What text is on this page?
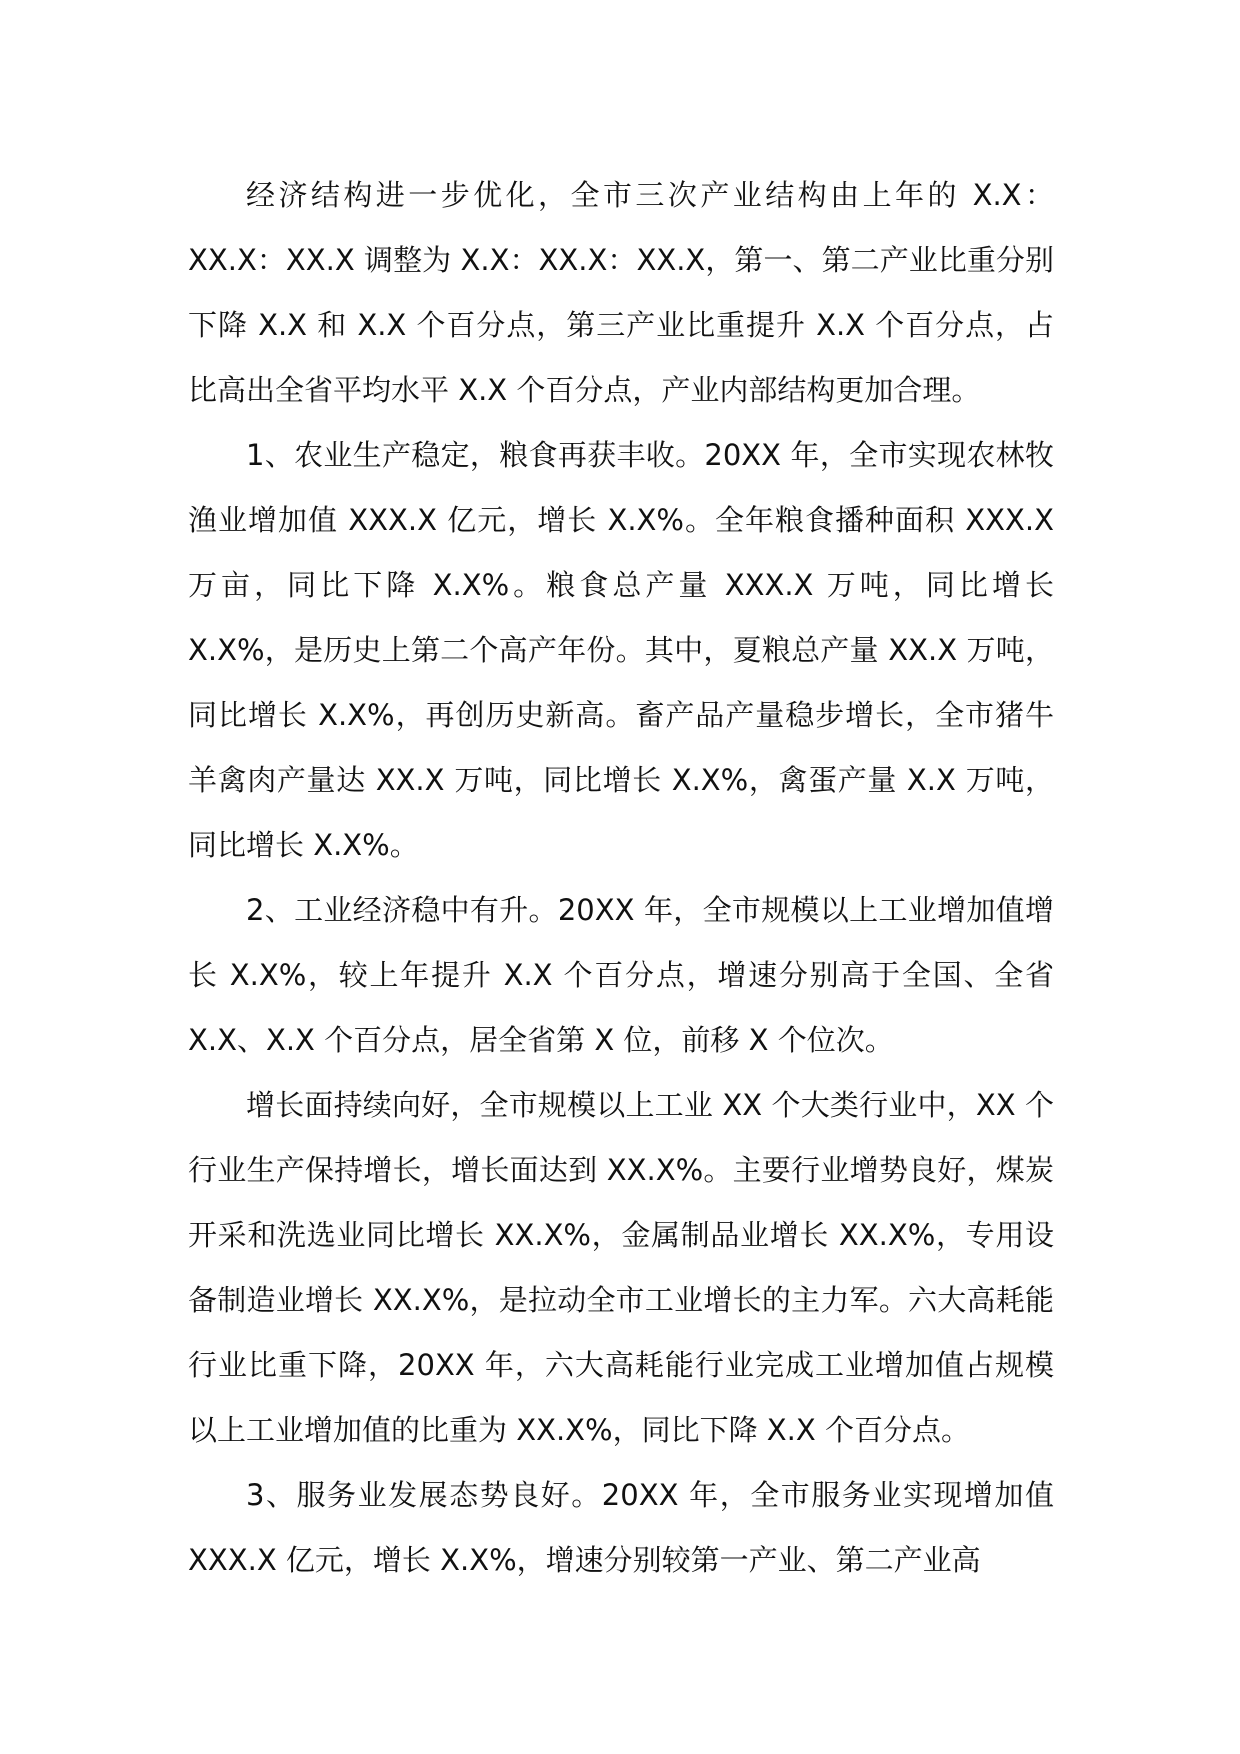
经济结构进一步优化，全市三次产业结构由上年的 X.X：XX.X：XX.X 调整为 X.X：XX.X：XX.X，第一、第二产业比重分别下降 X.X 和 X.X 个百分点，第三产业比重提升 X.X 个百分点，占比高出全省平均水平 X.X 个百分点，产业内部结构更加合理。

1、农业生产稳定，粮食再获丰收。20XX 年，全市实现农林牧渔业增加值 XXX.X 亿元，增长 X.X%。全年粮食播种面积 XXX.X 万亩，同比下降 X.X%。粮食总产量 XXX.X 万吨，同比增长 X.X%，是历史上第二个高产年份。其中，夏粮总产量 XX.X 万吨，同比增长 X.X%，再创历史新高。畜产品产量稳步增长，全市猪牛羊禽肉产量达 XX.X 万吨，同比增长 X.X%，禽蛋产量 X.X 万吨，同比增长 X.X%。

2、工业经济稳中有升。20XX 年，全市规模以上工业增加值增长 X.X%，较上年提升 X.X 个百分点，增速分别高于全国、全省 X.X、X.X 个百分点，居全省第 X 位，前移 X 个位次。

增长面持续向好，全市规模以上工业 XX 个大类行业中，XX 个行业生产保持增长，增长面达到 XX.X%。主要行业增势良好，煤炭开采和洗选业同比增长 XX.X%，金属制品业增长 XX.X%，专用设备制造业增长 XX.X%，是拉动全市工业增长的主力军。六大高耗能行业比重下降，20XX 年，六大高耗能行业完成工业增加值占规模以上工业增加值的比重为 XX.X%，同比下降 X.X 个百分点。

3、服务业发展态势良好。20XX 年，全市服务业实现增加值 XXX.X 亿元，增长 X.X%，增速分别较第一产业、第二产业高
